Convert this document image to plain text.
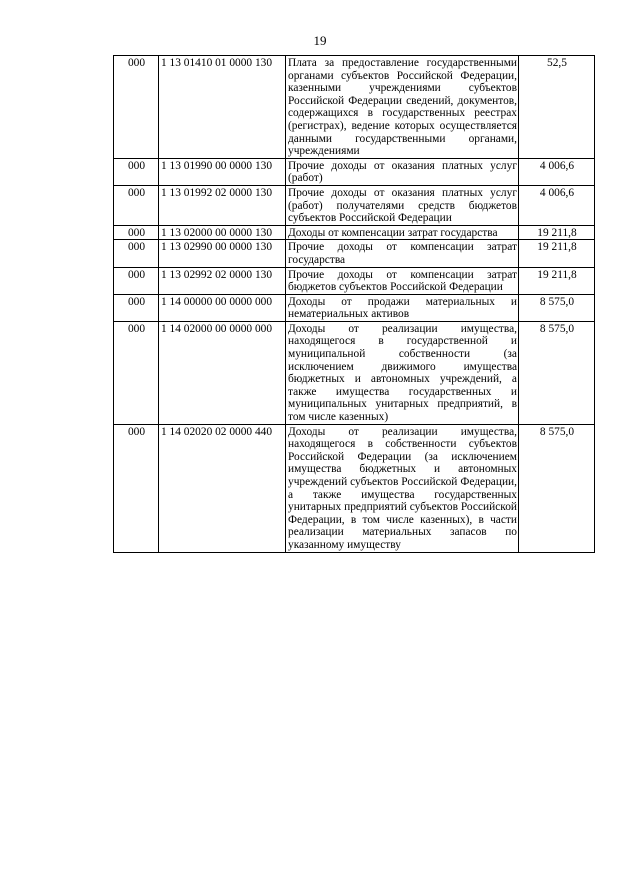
19
000	1 13 01410 01 0000 130	Плата за предоставление государственными органами субъектов Российской Федерации, казенными учреждениями субъектов Российской Федерации сведений, документов, содержащихся в государственных реестрах (регистрах), ведение которых осуществляется данными государственными органами, учреждениями	52,5
000	1 13 01990 00 0000 130	Прочие доходы от оказания платных услуг (работ)	4 006,6
000	1 13 01992 02 0000 130	Прочие доходы от оказания платных услуг (работ) получателями средств бюджетов субъектов Российской Федерации	4 006,6
000	1 13 02000 00 0000 130	Доходы от компенсации затрат государства	19 211,8
000	1 13 02990 00 0000 130	Прочие доходы от компенсации затрат государства	19 211,8
000	1 13 02992 02 0000 130	Прочие доходы от компенсации затрат бюджетов субъектов Российской Федерации	19 211,8
000	1 14 00000 00 0000 000	Доходы от продажи материальных и нематериальных активов	8 575,0
000	1 14 02000 00 0000 000	Доходы от реализации имущества, находящегося в государственной и муниципальной собственности (за исключением движимого имущества бюджетных и автономных учреждений, а также имущества государственных и муниципальных унитарных предприятий, в том числе казенных)	8 575,0
000	1 14 02020 02 0000 440	Доходы от реализации имущества, находящегося в собственности субъектов Российской Федерации (за исключением имущества бюджетных и автономных учреждений субъектов Российской Федерации, а также имущества государственных унитарных предприятий субъектов Российской Федерации, в том числе казенных), в части реализации материальных запасов по указанному имуществу	8 575,0
